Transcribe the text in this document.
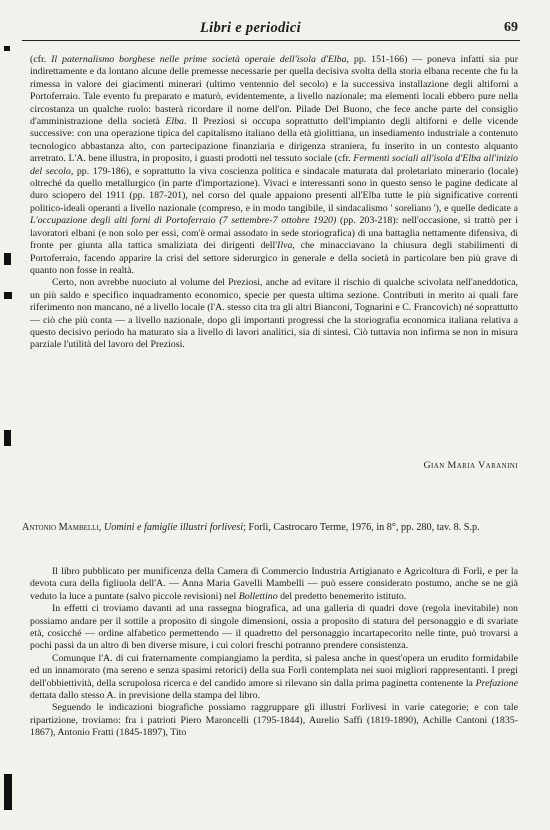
Libri e periodici	69

(cfr. Il paternalismo borghese nelle prime società operaie dell'isola d'Elba, pp. 151-166) — poneva infatti sia pur indirettamente e da lontano alcune delle premesse necessarie per quella decisiva svolta della storia elbana recente che fu la rimessa in valore dei giacimenti minerari (ultimo ventennio del secolo) e la successiva installazione degli altiforni a Portoferraio. Tale evento fu preparato e maturò, evidentemente, a livello nazionale; ma elementi locali ebbero pure nella circostanza un qualche ruolo: basterà ricordare il nome dell'on. Pilade Del Buono, che fece anche parte del consiglio d'amministrazione della società Elba. Il Preziosi si occupa soprattutto dell'impianto degli altiforni e delle vicende successive: con una operazione tipica del capitalismo italiano della età giolittiana, un insediamento industriale a contenuto tecnologico abbastanza alto, con partecipazione finanziaria e dirigenza straniera, fu inserito in un contesto alquanto arretrato. L'A. bene illustra, in proposito, i guasti prodotti nel tessuto sociale (cfr. Fermenti sociali all'isola d'Elba all'inizio del secolo, pp. 179-186), e soprattutto la viva coscienza politica e sindacale maturata dal proletariato minerario (locale) oltreché da quello metallurgico (in parte d'importazione). Vivaci e interessanti sono in questo senso le pagine dedicate al duro sciopero del 1911 (pp. 187-201), nel corso del quale appaiono presenti all'Elba tutte le più significative correnti politico-ideali operanti a livello nazionale (compreso, e in modo tangibile, il sindacalismo ' soreliano '), e quelle dedicate a L'occupazione degli alti forni di Portoferraio (7 settembre-7 ottobre 1920) (pp. 203-218): nell'occasione, si trattò per i lavoratori elbani (e non solo per essi, com'è ormai assodato in sede storiografica) di una battaglia nettamente difensiva, di fronte per giunta alla tattica smaliziata dei dirigenti dell'Ilva, che minacciavano la chiusura degli stabilimenti di Portoferraio, facendo apparire la crisi del settore siderurgico in generale e della società in particolare ben più grave di quanto non fosse in realtà.

Certo, non avrebbe nuociuto al volume del Preziosi, anche ad evitare il rischio di qualche scivolata nell'aneddotica, un più saldo e specifico inquadramento economico, specie per questa ultima sezione. Contributi in merito ai quali fare riferimento non mancano, né a livello locale (l'A. stesso cita tra gli altri Bianconi, Tognarini e C. Francovich) né soprattutto — ciò che più conta — a livello nazionale, dopo gli importanti progressi che la storiografia economica italiana relativa a questo decisivo periodo ha maturato sia a livello di lavori analitici, sia di sintesi. Ciò tuttavia non infirma se non in misura parziale l'utilità del lavoro del Preziosi.

Gian Maria Varanini
Antonio Mambelli, Uomini e famiglie illustri forlivesi; Forlì, Castrocaro Terme, 1976, in 8°, pp. 280, tav. 8. S.p.

Il libro pubblicato per munificenza della Camera di Commercio Industria Artigianato e Agricoltura di Forlì, e per la devota cura della figliuola dell'A. — Anna Maria Gavelli Mambelli — può essere considerato postumo, anche se ne già veduto la luce a puntate (salvo piccole revisioni) nel Bollettino del predetto benemerito istituto.

In effetti ci troviamo davanti ad una rassegna biografica, ad una galleria di quadri dove (regola inevitabile) non possiamo andare per il sottile a proposito di singole dimensioni, ossia a proposito di statura del personaggio e di svariate età, cosicché — ordine alfabetico permettendo — il quadretto del personaggio incartapecorito nelle tinte, può trovarsi a pochi passi da un altro di ben diverse misure, i cui colori freschi potranno prendere consistenza.

Comunque l'A. di cui fraternamente compiangiamo la perdita, si palesa anche in quest'opera un erudito formidabile ed un innamorato (ma sereno e senza spasimi retorici) della sua Forlì contemplata nei suoi migliori rappresentanti. I pregi dell'obbiettività, della scrupolosa ricerca e del candido amore si rilevano sin dalla prima paginetta contenente la Prefazione dettata dallo stesso A. in previsione della stampa del libro.

Seguendo le indicazioni biografiche possiamo raggruppare gli illustri Forlivesi in varie categorie; e con tale ripartizione, troviamo: fra i patrioti Piero Maroncelli (1795-1844), Aurelio Saffi (1819-1890), Achille Cantoni (1835-1867), Antonio Fratti (1845-1897), Tito
